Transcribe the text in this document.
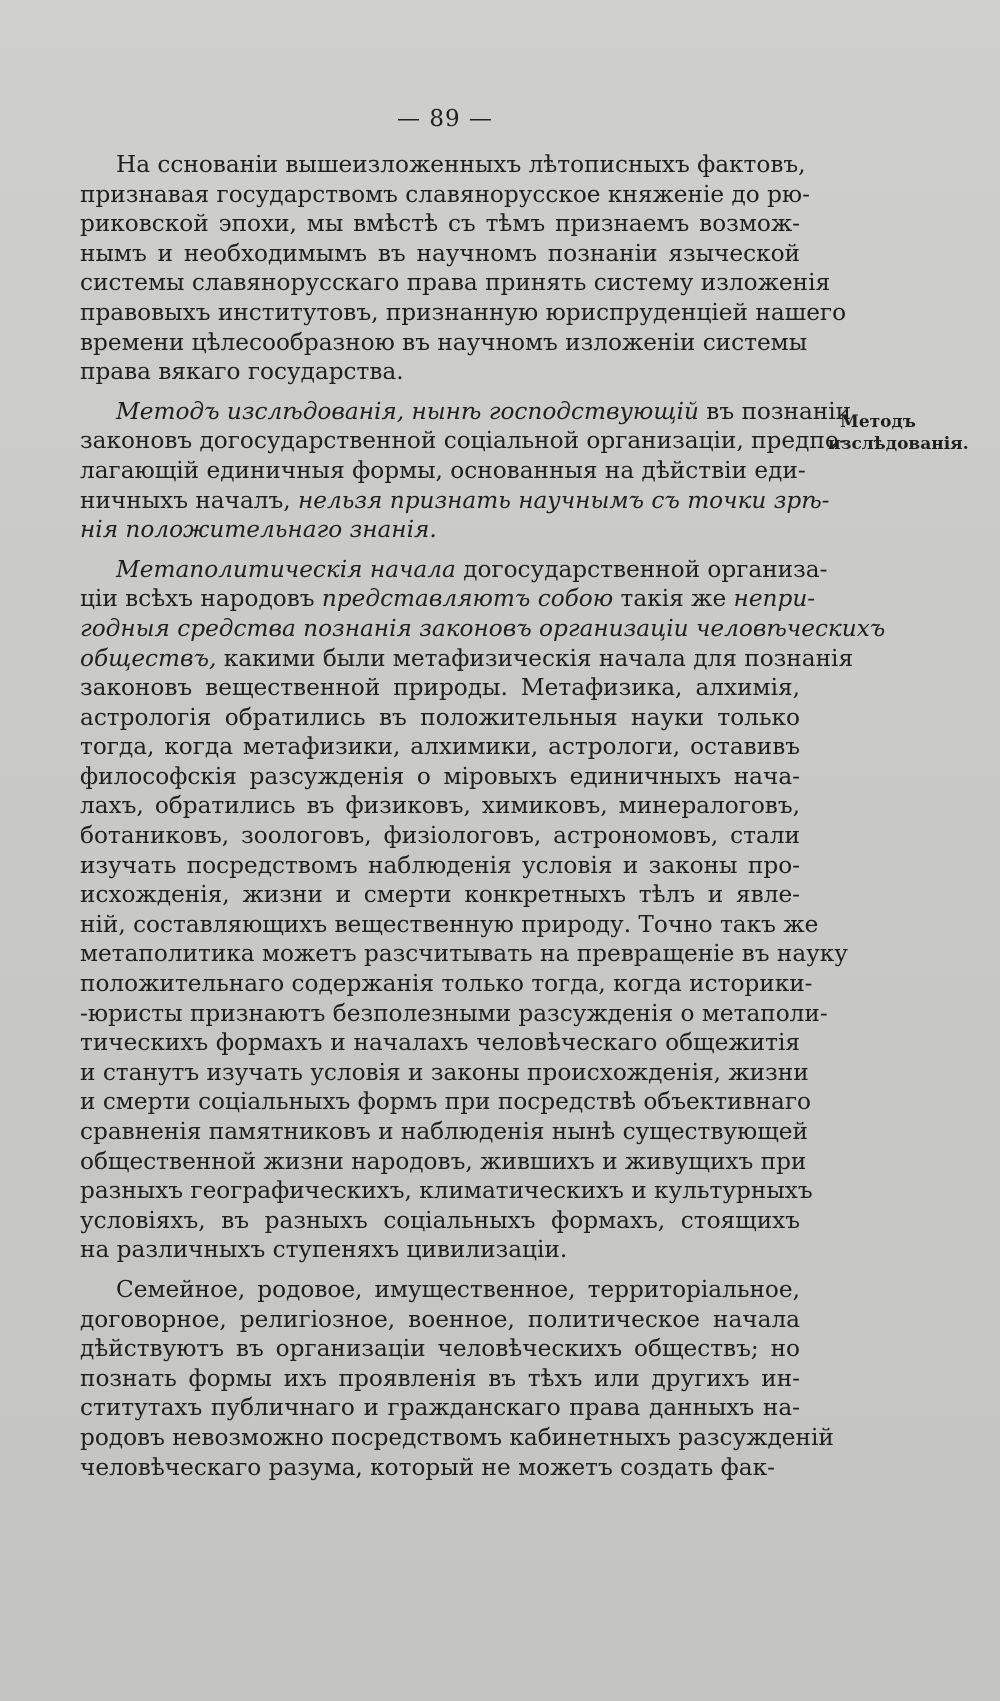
— 89 —
На сснованіи вышеизложенныхъ лѣтописныхъ фактовъ,
признавая государствомъ славянорусское княженіе до рю-
риковской эпохи, мы вмѣстѣ съ тѣмъ признаемъ возмож-
нымъ и необходимымъ въ научномъ познаніи языческой
системы славянорусскаго права принять систему изложенія
правовыхъ институтовъ, признанную юриспруденціей нашего
времени цѣлесообразною въ научномъ изложеніи системы
права вякаго государства.
Методъ изслѣдованія, нынѣ господствующій въ познаніи
законовъ догосударственной соціальной организаціи, предпо-
лагающій единичныя формы, основанныя на дѣйствіи еди-
ничныхъ началъ, нельзя признать научнымъ съ точки зрѣ-
нія положительнаго знанія.
Метаполитическія начала догосударственной организа-
ціи всѣхъ народовъ представляютъ собою такія же непри-
годныя средства познанія законовъ организаціи человѣческихъ
обществъ, какими были метафизическія начала для познанія
законовъ вещественной природы. Метафизика, алхимія,
астрологія обратились въ положительныя науки только
тогда, когда метафизики, алхимики, астрологи, оставивъ
философскія разсужденія о міровыхъ единичныхъ нача-
лахъ, обратились въ физиковъ, химиковъ, минералоговъ,
ботаниковъ, зоологовъ, физіологовъ, астрономовъ, стали
изучать посредствомъ наблюденія условія и законы про-
исхожденія, жизни и смерти конкретныхъ тѣлъ и явле-
ній, составляющихъ вещественную природу. Точно такъ же
метаполитика можетъ разсчитывать на превращеніе въ науку
положительнаго содержанія только тогда, когда историки-
-юристы признаютъ безполезными разсужденія о метаполи-
тическихъ формахъ и началахъ человѣческаго общежитія
и станутъ изучать условія и законы происхожденія, жизни
и смерти соціальныхъ формъ при посредствѣ объективнаго
сравненія памятниковъ и наблюденія нынѣ существующей
общественной жизни народовъ, жившихъ и живущихъ при
разныхъ географическихъ, климатическихъ и культурныхъ
условіяхъ, въ разныхъ соціальныхъ формахъ, стоящихъ
на различныхъ ступеняхъ цивилизаціи.
Семейное, родовое, имущественное, территоріальное,
договорное, религіозное, военное, политическое начала
дѣйствуютъ въ организаціи человѣческихъ обществъ; но
познать формы ихъ проявленія въ тѣхъ или другихъ ин-
ститутахъ публичнаго и гражданскаго права данныхъ на-
родовъ невозможно посредствомъ кабинетныхъ разсужденій
человѣческаго разума, который не можетъ создать фак-
Методъ
изслѣдованія.
